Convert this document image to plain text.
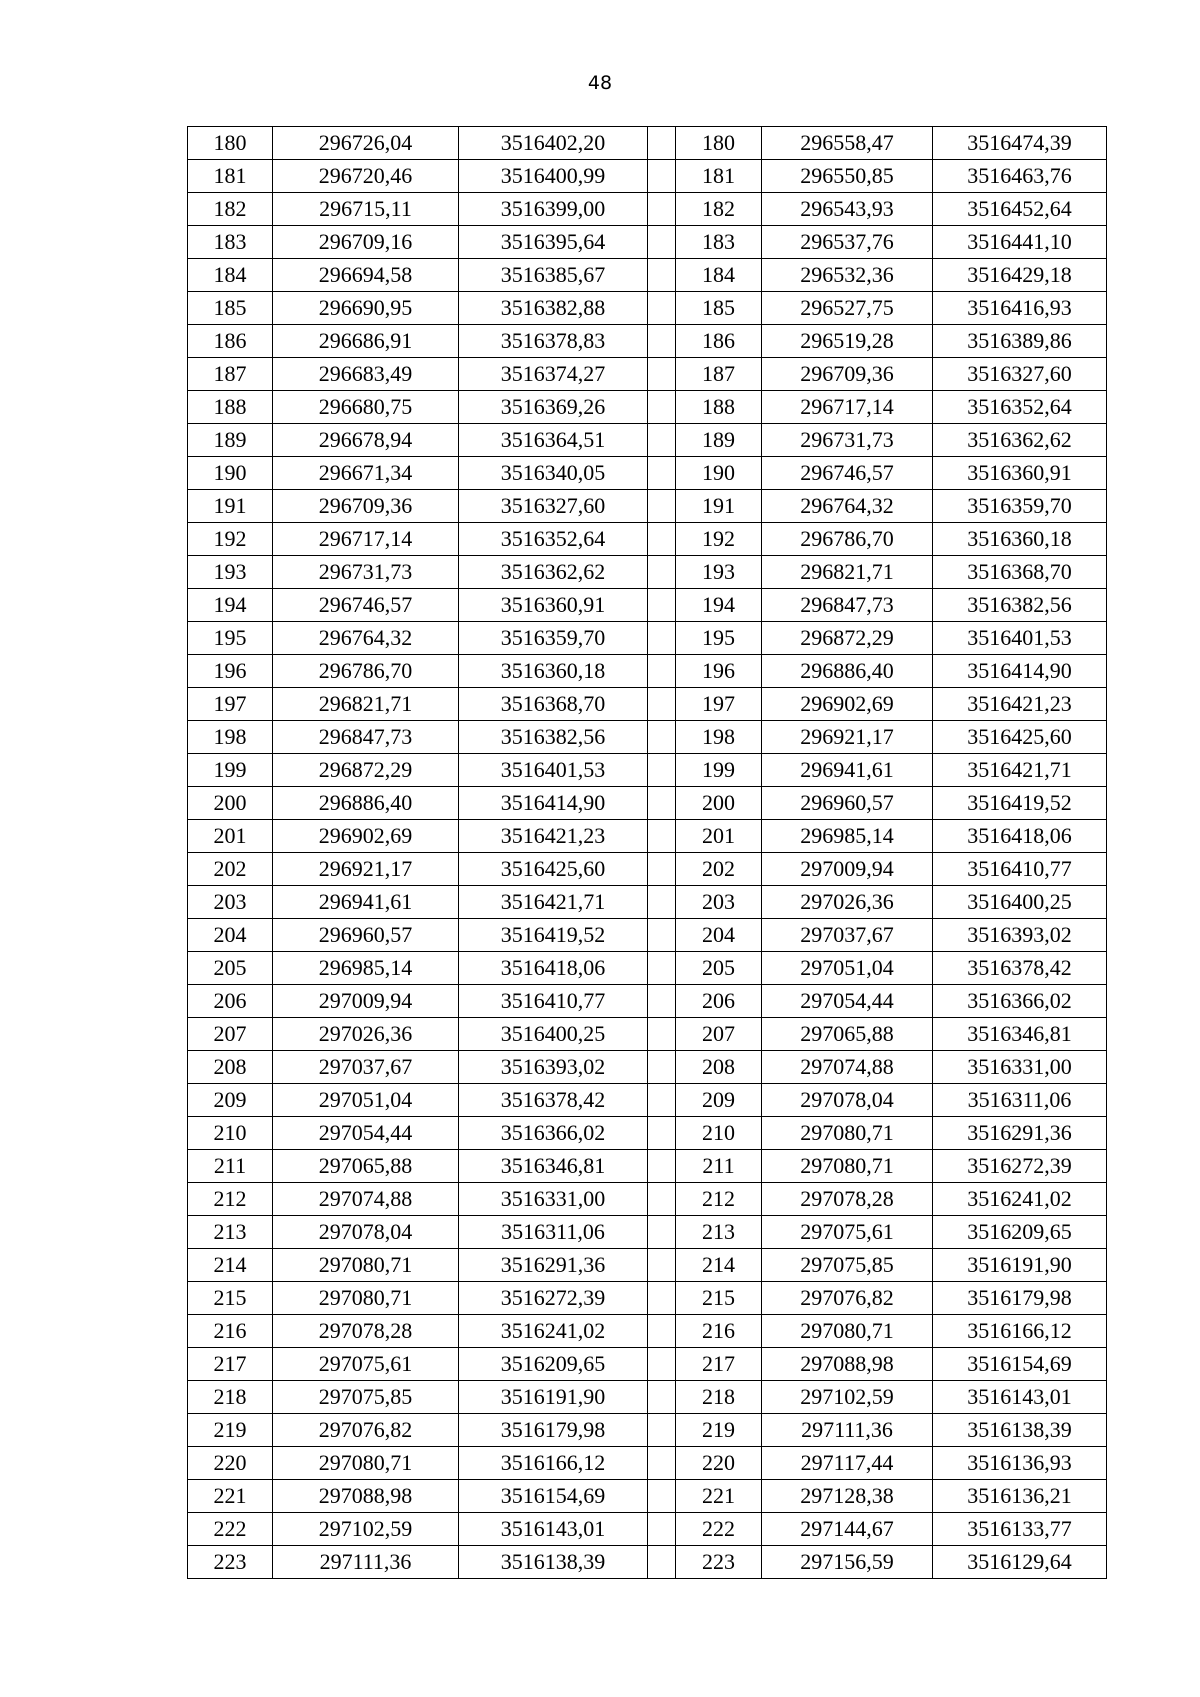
48
180	296726,04	3516402,20		180	296558,47	3516474,39
181	296720,46	3516400,99		181	296550,85	3516463,76
182	296715,11	3516399,00		182	296543,93	3516452,64
183	296709,16	3516395,64		183	296537,76	3516441,10
184	296694,58	3516385,67		184	296532,36	3516429,18
185	296690,95	3516382,88		185	296527,75	3516416,93
186	296686,91	3516378,83		186	296519,28	3516389,86
187	296683,49	3516374,27		187	296709,36	3516327,60
188	296680,75	3516369,26		188	296717,14	3516352,64
189	296678,94	3516364,51		189	296731,73	3516362,62
190	296671,34	3516340,05		190	296746,57	3516360,91
191	296709,36	3516327,60		191	296764,32	3516359,70
192	296717,14	3516352,64		192	296786,70	3516360,18
193	296731,73	3516362,62		193	296821,71	3516368,70
194	296746,57	3516360,91		194	296847,73	3516382,56
195	296764,32	3516359,70		195	296872,29	3516401,53
196	296786,70	3516360,18		196	296886,40	3516414,90
197	296821,71	3516368,70		197	296902,69	3516421,23
198	296847,73	3516382,56		198	296921,17	3516425,60
199	296872,29	3516401,53		199	296941,61	3516421,71
200	296886,40	3516414,90		200	296960,57	3516419,52
201	296902,69	3516421,23		201	296985,14	3516418,06
202	296921,17	3516425,60		202	297009,94	3516410,77
203	296941,61	3516421,71		203	297026,36	3516400,25
204	296960,57	3516419,52		204	297037,67	3516393,02
205	296985,14	3516418,06		205	297051,04	3516378,42
206	297009,94	3516410,77		206	297054,44	3516366,02
207	297026,36	3516400,25		207	297065,88	3516346,81
208	297037,67	3516393,02		208	297074,88	3516331,00
209	297051,04	3516378,42		209	297078,04	3516311,06
210	297054,44	3516366,02		210	297080,71	3516291,36
211	297065,88	3516346,81		211	297080,71	3516272,39
212	297074,88	3516331,00		212	297078,28	3516241,02
213	297078,04	3516311,06		213	297075,61	3516209,65
214	297080,71	3516291,36		214	297075,85	3516191,90
215	297080,71	3516272,39		215	297076,82	3516179,98
216	297078,28	3516241,02		216	297080,71	3516166,12
217	297075,61	3516209,65		217	297088,98	3516154,69
218	297075,85	3516191,90		218	297102,59	3516143,01
219	297076,82	3516179,98		219	297111,36	3516138,39
220	297080,71	3516166,12		220	297117,44	3516136,93
221	297088,98	3516154,69		221	297128,38	3516136,21
222	297102,59	3516143,01		222	297144,67	3516133,77
223	297111,36	3516138,39		223	297156,59	3516129,64
